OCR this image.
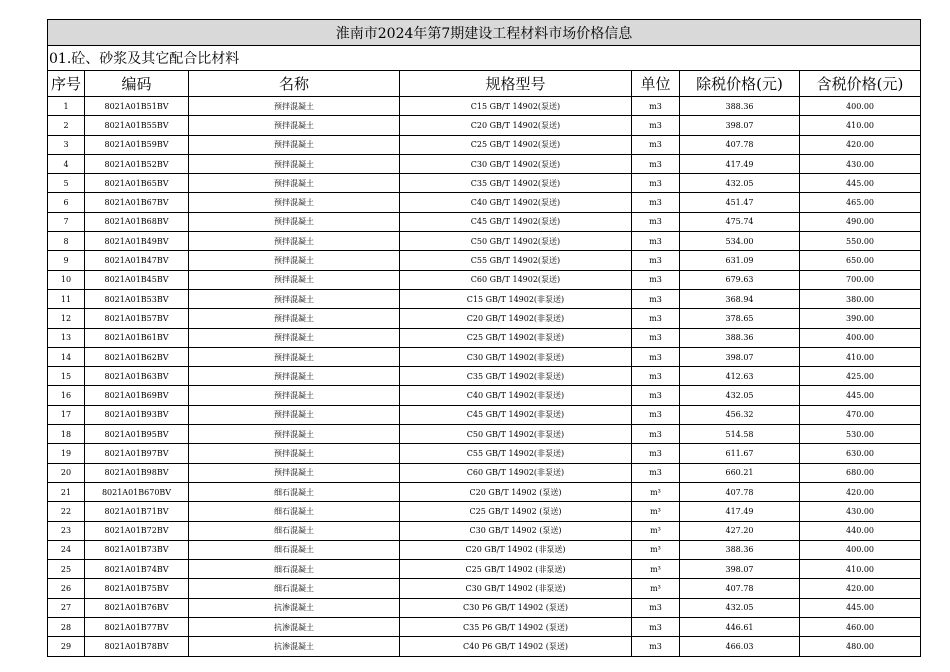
淮南市2024年第7期建设工程材料市场价格信息						
01.砼、砂浆及其它配合比材料						
序号	编码	名称	规格型号	单位	除税价格(元)	含税价格(元)
1	8021A01B51BV	预拌混凝土	C15 GB/T 14902(泵送)	m3	388.36	400.00
2	8021A01B55BV	预拌混凝土	C20 GB/T 14902(泵送)	m3	398.07	410.00
3	8021A01B59BV	预拌混凝土	C25 GB/T 14902(泵送)	m3	407.78	420.00
4	8021A01B52BV	预拌混凝土	C30 GB/T 14902(泵送)	m3	417.49	430.00
5	8021A01B65BV	预拌混凝土	C35 GB/T 14902(泵送)	m3	432.05	445.00
6	8021A01B67BV	预拌混凝土	C40 GB/T 14902(泵送)	m3	451.47	465.00
7	8021A01B68BV	预拌混凝土	C45 GB/T 14902(泵送)	m3	475.74	490.00
8	8021A01B49BV	预拌混凝土	C50 GB/T 14902(泵送)	m3	534.00	550.00
9	8021A01B47BV	预拌混凝土	C55 GB/T 14902(泵送)	m3	631.09	650.00
10	8021A01B45BV	预拌混凝土	C60 GB/T 14902(泵送)	m3	679.63	700.00
11	8021A01B53BV	预拌混凝土	C15 GB/T 14902(非泵送)	m3	368.94	380.00
12	8021A01B57BV	预拌混凝土	C20 GB/T 14902(非泵送)	m3	378.65	390.00
13	8021A01B61BV	预拌混凝土	C25 GB/T 14902(非泵送)	m3	388.36	400.00
14	8021A01B62BV	预拌混凝土	C30 GB/T 14902(非泵送)	m3	398.07	410.00
15	8021A01B63BV	预拌混凝土	C35 GB/T 14902(非泵送)	m3	412.63	425.00
16	8021A01B69BV	预拌混凝土	C40 GB/T 14902(非泵送)	m3	432.05	445.00
17	8021A01B93BV	预拌混凝土	C45 GB/T 14902(非泵送)	m3	456.32	470.00
18	8021A01B95BV	预拌混凝土	C50 GB/T 14902(非泵送)	m3	514.58	530.00
19	8021A01B97BV	预拌混凝土	C55 GB/T 14902(非泵送)	m3	611.67	630.00
20	8021A01B98BV	预拌混凝土	C60 GB/T 14902(非泵送)	m3	660.21	680.00
21	8021A01B670BV	细石混凝土	C20 GB/T 14902 (泵送)	m³	407.78	420.00
22	8021A01B71BV	细石混凝土	C25 GB/T 14902 (泵送)	m³	417.49	430.00
23	8021A01B72BV	细石混凝土	C30 GB/T 14902 (泵送)	m³	427.20	440.00
24	8021A01B73BV	细石混凝土	C20 GB/T 14902 (非泵送)	m³	388.36	400.00
25	8021A01B74BV	细石混凝土	C25 GB/T 14902 (非泵送)	m³	398.07	410.00
26	8021A01B75BV	细石混凝土	C30 GB/T 14902 (非泵送)	m³	407.78	420.00
27	8021A01B76BV	抗渗混凝土	C30 P6 GB/T 14902 (泵送)	m3	432.05	445.00
28	8021A01B77BV	抗渗混凝土	C35 P6 GB/T 14902 (泵送)	m3	446.61	460.00
29	8021A01B78BV	抗渗混凝土	C40 P6 GB/T 14902 (泵送)	m3	466.03	480.00
